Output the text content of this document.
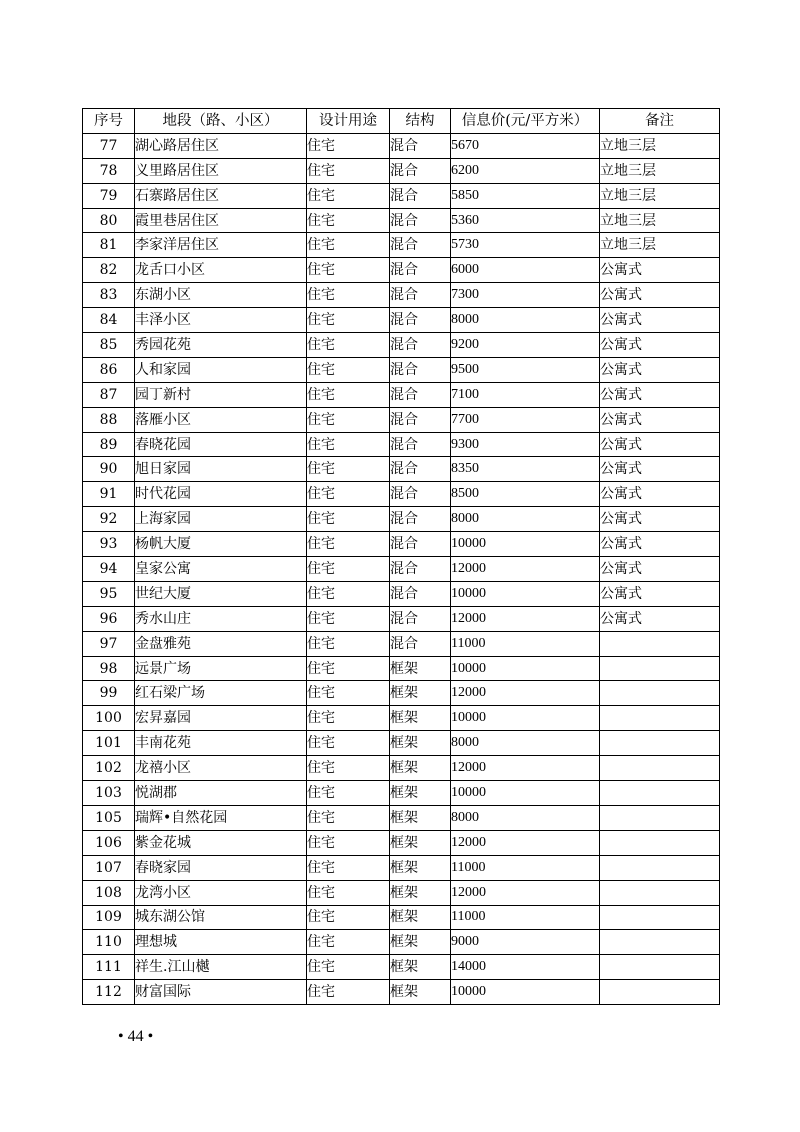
序号	地段（路、小区）	设计用途	结构	信息价(元/平方米）	备注
77	湖心路居住区	住宅	混合	5670	立地三层
78	义里路居住区	住宅	混合	6200	立地三层
79	石寨路居住区	住宅	混合	5850	立地三层
80	霞里巷居住区	住宅	混合	5360	立地三层
81	李家洋居住区	住宅	混合	5730	立地三层
82	龙舌口小区	住宅	混合	6000	公寓式
83	东湖小区	住宅	混合	7300	公寓式
84	丰泽小区	住宅	混合	8000	公寓式
85	秀园花苑	住宅	混合	9200	公寓式
86	人和家园	住宅	混合	9500	公寓式
87	园丁新村	住宅	混合	7100	公寓式
88	落雁小区	住宅	混合	7700	公寓式
89	春晓花园	住宅	混合	9300	公寓式
90	旭日家园	住宅	混合	8350	公寓式
91	时代花园	住宅	混合	8500	公寓式
92	上海家园	住宅	混合	8000	公寓式
93	杨帆大厦	住宅	混合	10000	公寓式
94	皇家公寓	住宅	混合	12000	公寓式
95	世纪大厦	住宅	混合	10000	公寓式
96	秀水山庄	住宅	混合	12000	公寓式
97	金盘雅苑	住宅	混合	11000	
98	远景广场	住宅	框架	10000	
99	红石梁广场	住宅	框架	12000	
100	宏昇嘉园	住宅	框架	10000	
101	丰南花苑	住宅	框架	8000	
102	龙禧小区	住宅	框架	12000	
103	悦湖郡	住宅	框架	10000	
105	瑞辉•自然花园	住宅	框架	8000	
106	紫金花城	住宅	框架	12000	
107	春晓家园	住宅	框架	11000	
108	龙湾小区	住宅	框架	12000	
109	城东湖公馆	住宅	框架	11000	
110	理想城	住宅	框架	9000	
111	祥生.江山樾	住宅	框架	14000	
112	财富国际	住宅	框架	10000	
• 44 •
